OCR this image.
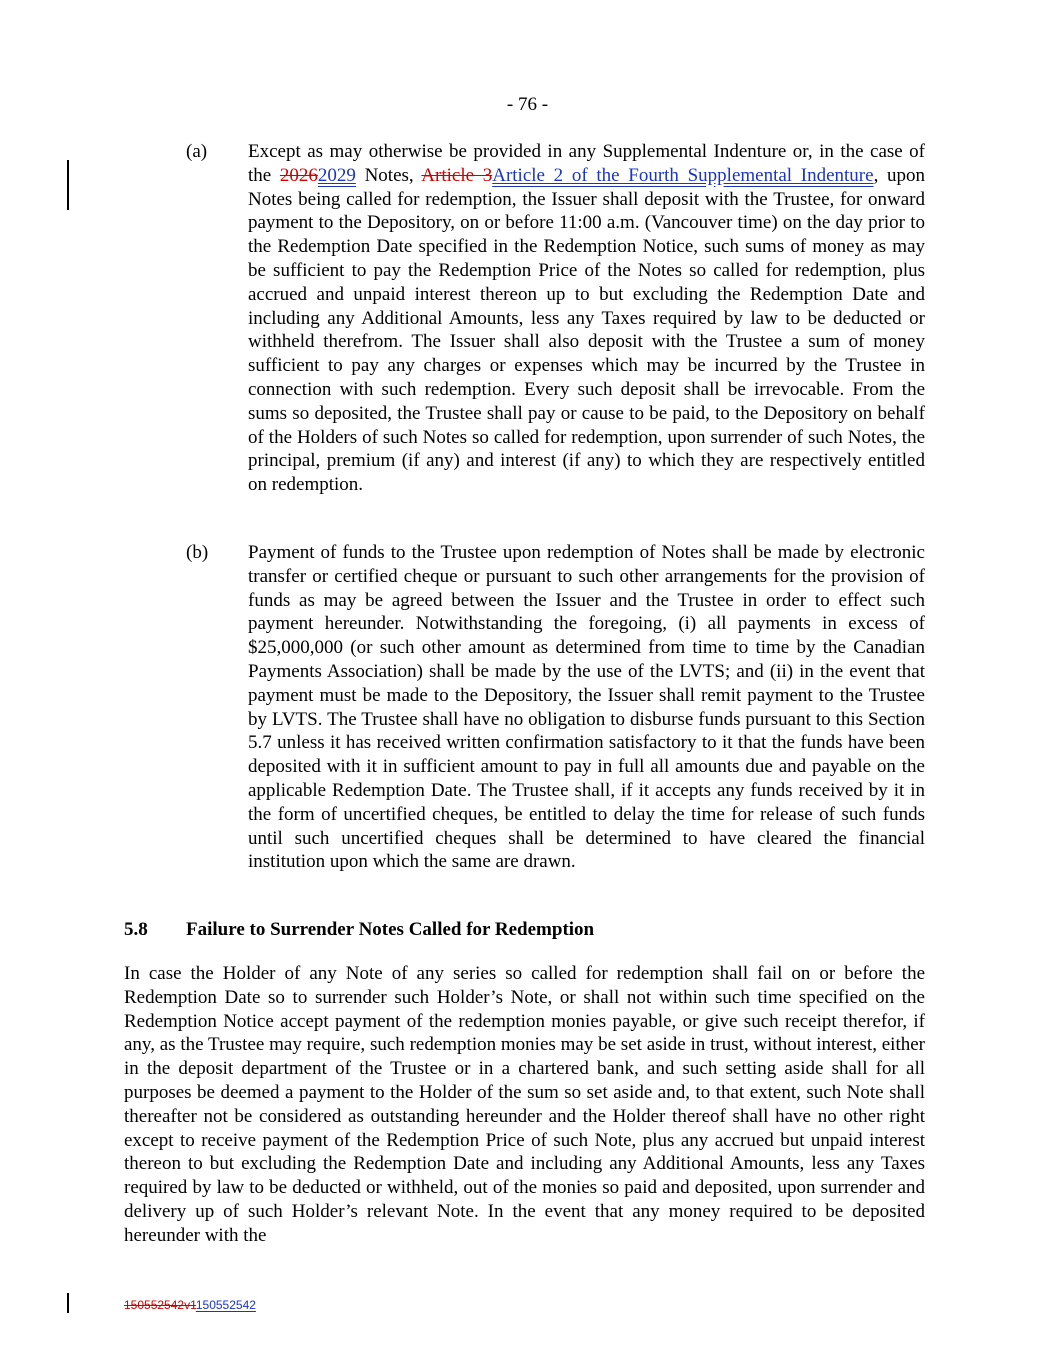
- 76 -
(a) Except as may otherwise be provided in any Supplemental Indenture or, in the case of the 20262029 Notes, Article 3Article 2 of the Fourth Supplemental Indenture, upon Notes being called for redemption, the Issuer shall deposit with the Trustee, for onward payment to the Depository, on or before 11:00 a.m. (Vancouver time) on the day prior to the Redemption Date specified in the Redemption Notice, such sums of money as may be sufficient to pay the Redemption Price of the Notes so called for redemption, plus accrued and unpaid interest thereon up to but excluding the Redemption Date and including any Additional Amounts, less any Taxes required by law to be deducted or withheld therefrom. The Issuer shall also deposit with the Trustee a sum of money sufficient to pay any charges or expenses which may be incurred by the Trustee in connection with such redemption. Every such deposit shall be irrevocable. From the sums so deposited, the Trustee shall pay or cause to be paid, to the Depository on behalf of the Holders of such Notes so called for redemption, upon surrender of such Notes, the principal, premium (if any) and interest (if any) to which they are respectively entitled on redemption.
(b) Payment of funds to the Trustee upon redemption of Notes shall be made by electronic transfer or certified cheque or pursuant to such other arrangements for the provision of funds as may be agreed between the Issuer and the Trustee in order to effect such payment hereunder. Notwithstanding the foregoing, (i) all payments in excess of $25,000,000 (or such other amount as determined from time to time by the Canadian Payments Association) shall be made by the use of the LVTS; and (ii) in the event that payment must be made to the Depository, the Issuer shall remit payment to the Trustee by LVTS. The Trustee shall have no obligation to disburse funds pursuant to this Section 5.7 unless it has received written confirmation satisfactory to it that the funds have been deposited with it in sufficient amount to pay in full all amounts due and payable on the applicable Redemption Date. The Trustee shall, if it accepts any funds received by it in the form of uncertified cheques, be entitled to delay the time for release of such funds until such uncertified cheques shall be determined to have cleared the financial institution upon which the same are drawn.
5.8 Failure to Surrender Notes Called for Redemption
In case the Holder of any Note of any series so called for redemption shall fail on or before the Redemption Date so to surrender such Holder’s Note, or shall not within such time specified on the Redemption Notice accept payment of the redemption monies payable, or give such receipt therefor, if any, as the Trustee may require, such redemption monies may be set aside in trust, without interest, either in the deposit department of the Trustee or in a chartered bank, and such setting aside shall for all purposes be deemed a payment to the Holder of the sum so set aside and, to that extent, such Note shall thereafter not be considered as outstanding hereunder and the Holder thereof shall have no other right except to receive payment of the Redemption Price of such Note, plus any accrued but unpaid interest thereon to but excluding the Redemption Date and including any Additional Amounts, less any Taxes required by law to be deducted or withheld, out of the monies so paid and deposited, upon surrender and delivery up of such Holder’s relevant Note. In the event that any money required to be deposited hereunder with the
150552542v1150552542
